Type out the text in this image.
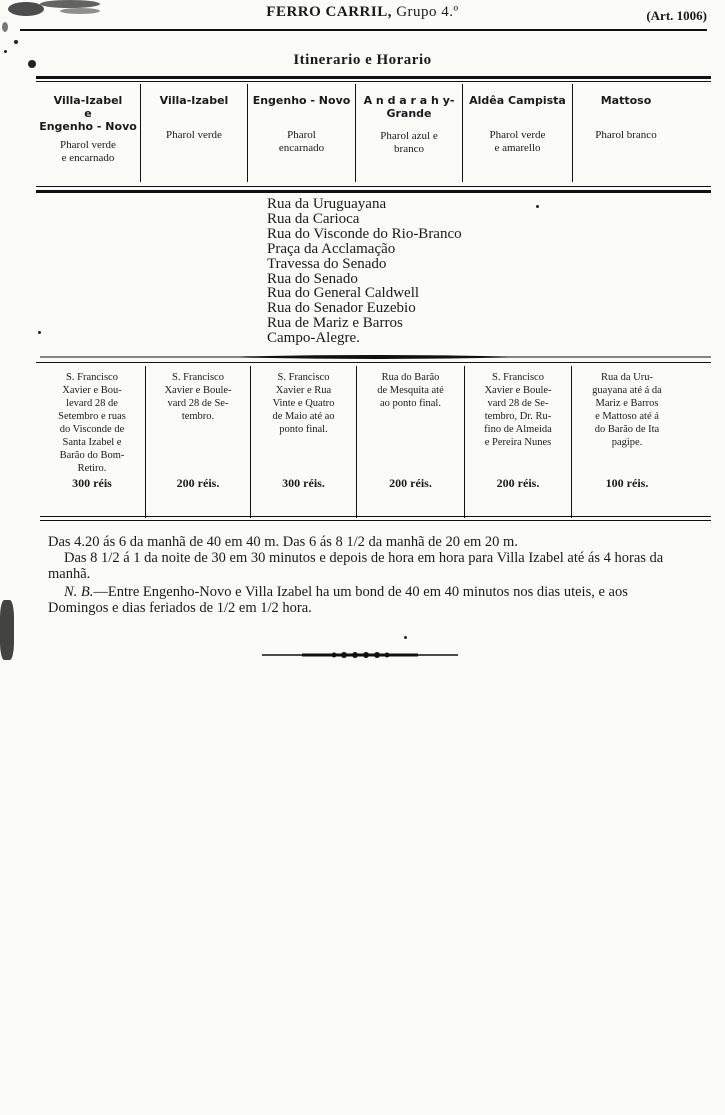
FERRO CARRIL, Grupo 4.º	(Art. 1006)
Itinerario e Horario
Villa-Izabel
e
Engenho - Novo
Pharol verde
e encarnado
Villa-Izabel
Pharol verde
Engenho - Novo
Pharol
encarnado
A n d a r a h y-
Grande
Pharol azul e
branco
Aldêa Campista
Pharol verde
e amarello
Mattoso
Pharol branco
Rua da Uruguayana
Rua da Carioca
Rua do Visconde do Rio-Branco
Praça da Acclamação
Travessa do Senado
Rua do Senado
Rua do General Caldwell
Rua do Senador Euzebio
Rua de Mariz e Barros
Campo-Alegre.
S. Francisco
Xavier e Bou-
levard 28 de
Setembro e ruas
do Visconde de
Santa Izabel e
Barão do Bom-
Retiro.
300 réis
S. Francisco
Xavier e Boule-
vard 28 de Se-
tembro.
200 réis.
S. Francisco
Xavier e Rua
Vinte e Quatro
de Maio até ao
ponto final.
300 réis.
Rua do Barão
de Mesquita até
ao ponto final.
200 réis.
S. Francisco
Xavier e Boule-
vard 28 de Se-
tembro, Dr. Ru-
fino de Almeida
e Pereira Nunes
200 réis.
Rua da Uru-
guayana até á da
Mariz e Barros
e Mattoso até á
do Barão de Ita
pagipe.
100 réis.
Das 4.20 ás 6 da manhã de 40 em 40 m. Das 6 ás 8 1/2 da manhã de 20 em 20 m.
Das 8 1/2 á 1 da noite de 30 em 30 minutos e depois de hora em hora para Villa Izabel até ás 4 horas da manhã.
N. B.—Entre Engenho-Novo e Villa Izabel ha um bond de 40 em 40 minutos nos dias uteis, e aos Domingos e dias feriados de 1/2 em 1/2 hora.
